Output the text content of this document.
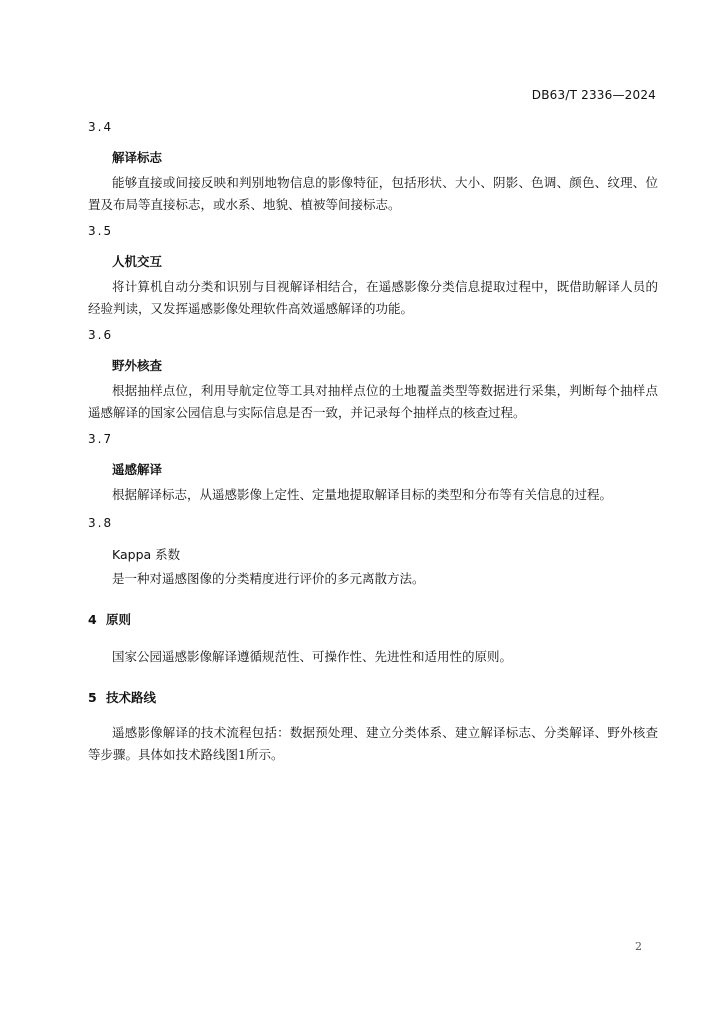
DB63/T 2336—2024
3.4
解译标志
能够直接或间接反映和判别地物信息的影像特征，包括形状、大小、阴影、色调、颜色、纹理、位置及布局等直接标志，或水系、地貌、植被等间接标志。
3.5
人机交互
将计算机自动分类和识别与目视解译相结合，在遥感影像分类信息提取过程中，既借助解译人员的经验判读，又发挥遥感影像处理软件高效遥感解译的功能。
3.6
野外核查
根据抽样点位，利用导航定位等工具对抽样点位的土地覆盖类型等数据进行采集，判断每个抽样点遥感解译的国家公园信息与实际信息是否一致，并记录每个抽样点的核查过程。
3.7
遥感解译
根据解译标志，从遥感影像上定性、定量地提取解译目标的类型和分布等有关信息的过程。
3.8
Kappa 系数
是一种对遥感图像的分类精度进行评价的多元离散方法。
4 原则
国家公园遥感影像解译遵循规范性、可操作性、先进性和适用性的原则。
5 技术路线
遥感影像解译的技术流程包括：数据预处理、建立分类体系、建立解译标志、分类解译、野外核查等步骤。具体如技术路线图1所示。
2
